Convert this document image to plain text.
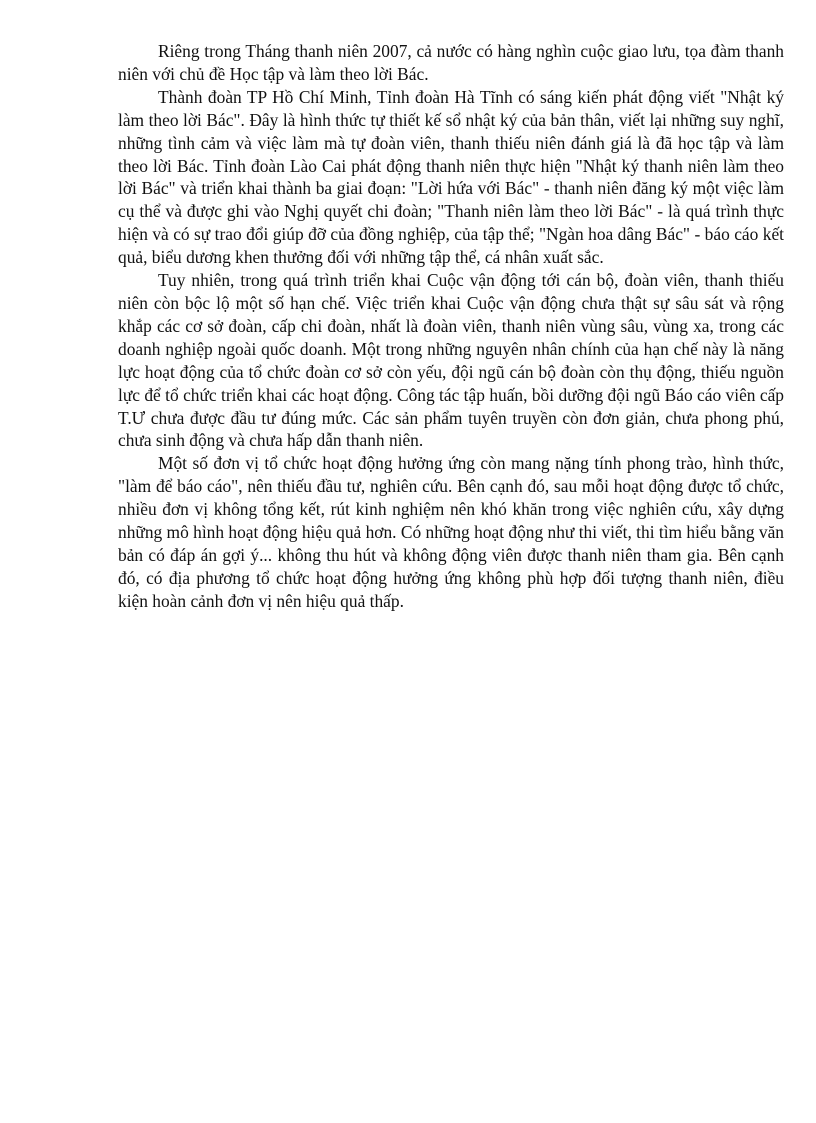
Riêng trong Tháng thanh niên 2007, cả nước có hàng nghìn cuộc giao lưu, tọa đàm thanh niên với chủ đề Học tập và làm theo lời Bác.

Thành đoàn TP Hồ Chí Minh, Tỉnh đoàn Hà Tĩnh có sáng kiến phát động viết "Nhật ký làm theo lời Bác". Đây là hình thức tự thiết kế sổ nhật ký của bản thân, viết lại những suy nghĩ, những tình cảm và việc làm mà tự đoàn viên, thanh thiếu niên đánh giá là đã học tập và làm theo lời Bác. Tỉnh đoàn Lào Cai phát động thanh niên thực hiện "Nhật ký thanh niên làm theo lời Bác" và triển khai thành ba giai đoạn: "Lời hứa với Bác" - thanh niên đăng ký một việc làm cụ thể và được ghi vào Nghị quyết chi đoàn; "Thanh niên làm theo lời Bác" - là quá trình thực hiện và có sự trao đổi giúp đỡ của đồng nghiệp, của tập thể; "Ngàn hoa dâng Bác" - báo cáo kết quả, biểu dương khen thưởng đối với những tập thể, cá nhân xuất sắc.

Tuy nhiên, trong quá trình triển khai Cuộc vận động tới cán bộ, đoàn viên, thanh thiếu niên còn bộc lộ một số hạn chế. Việc triển khai Cuộc vận động chưa thật sự sâu sát và rộng khắp các cơ sở đoàn, cấp chi đoàn, nhất là đoàn viên, thanh niên vùng sâu, vùng xa, trong các doanh nghiệp ngoài quốc doanh. Một trong những nguyên nhân chính của hạn chế này là năng lực hoạt động của tổ chức đoàn cơ sở còn yếu, đội ngũ cán bộ đoàn còn thụ động, thiếu nguồn lực để tổ chức triển khai các hoạt động. Công tác tập huấn, bồi dưỡng đội ngũ Báo cáo viên cấp T.Ư chưa được đầu tư đúng mức. Các sản phẩm tuyên truyền còn đơn giản, chưa phong phú, chưa sinh động và chưa hấp dẫn thanh niên.

Một số đơn vị tổ chức hoạt động hưởng ứng còn mang nặng tính phong trào, hình thức, "làm để báo cáo", nên thiếu đầu tư, nghiên cứu. Bên cạnh đó, sau mỗi hoạt động được tổ chức, nhiều đơn vị không tổng kết, rút kinh nghiệm nên khó khăn trong việc nghiên cứu, xây dựng những mô hình hoạt động hiệu quả hơn. Có những hoạt động như thi viết, thi tìm hiểu bằng văn bản có đáp án gợi ý... không thu hút và không động viên được thanh niên tham gia. Bên cạnh đó, có địa phương tổ chức hoạt động hưởng ứng không phù hợp đối tượng thanh niên, điều kiện hoàn cảnh đơn vị nên hiệu quả thấp.
